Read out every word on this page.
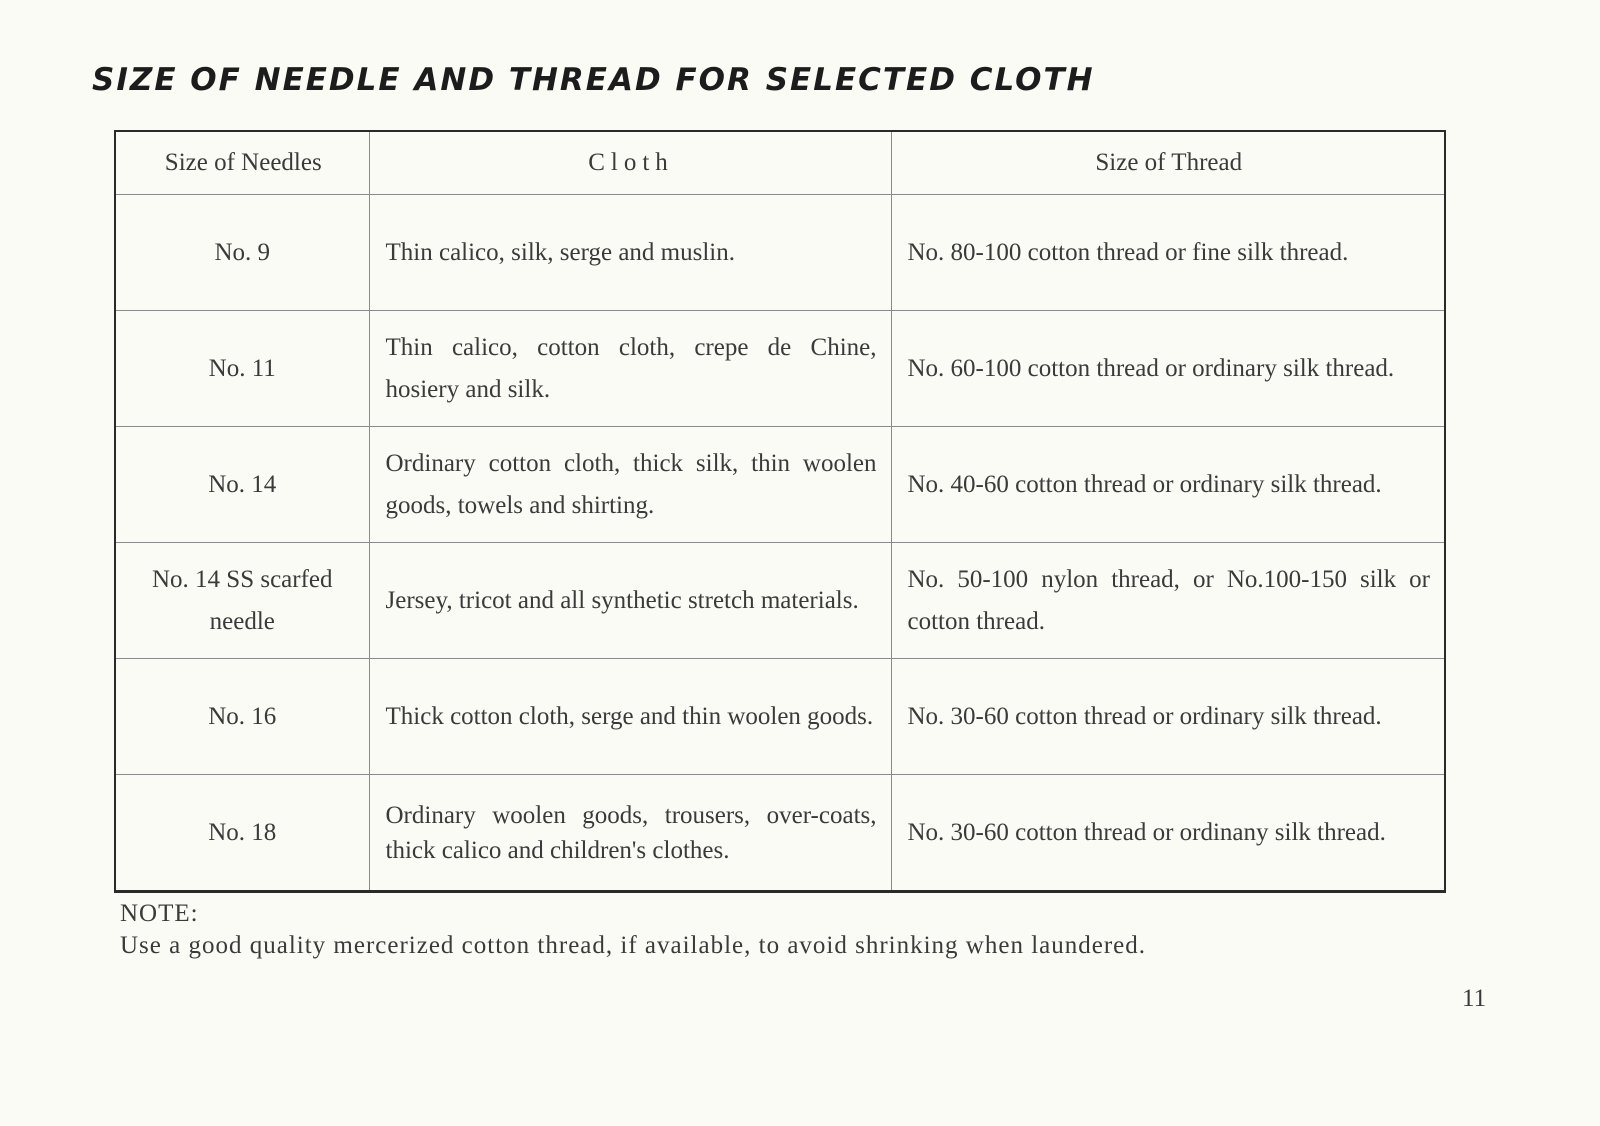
SIZE OF NEEDLE AND THREAD FOR SELECTED CLOTH
Size of Needles	Cloth	Size of Thread
No. 9	Thin calico, silk, serge and muslin.	No. 80-100 cotton thread or fine silk thread.
No. 11	Thin calico, cotton cloth, crepe de Chine, hosiery and silk.	No. 60-100 cotton thread or ordinary silk thread.
No. 14	Ordinary cotton cloth, thick silk, thin woolen goods, towels and shirting.	No. 40-60 cotton thread or ordinary silk thread.
No. 14 SS scarfed needle	Jersey, tricot and all synthetic stretch materials.	No. 50-100 nylon thread, or No.100-150 silk or cotton thread.
No. 16	Thick cotton cloth, serge and thin woolen goods.	No. 30-60 cotton thread or ordinary silk thread.
No. 18	Ordinary woolen goods, trousers, over-coats, thick calico and children's clothes.	No. 30-60 cotton thread or ordinany silk thread.
NOTE:
Use a good quality mercerized cotton thread, if available, to avoid shrinking when laundered.
11
